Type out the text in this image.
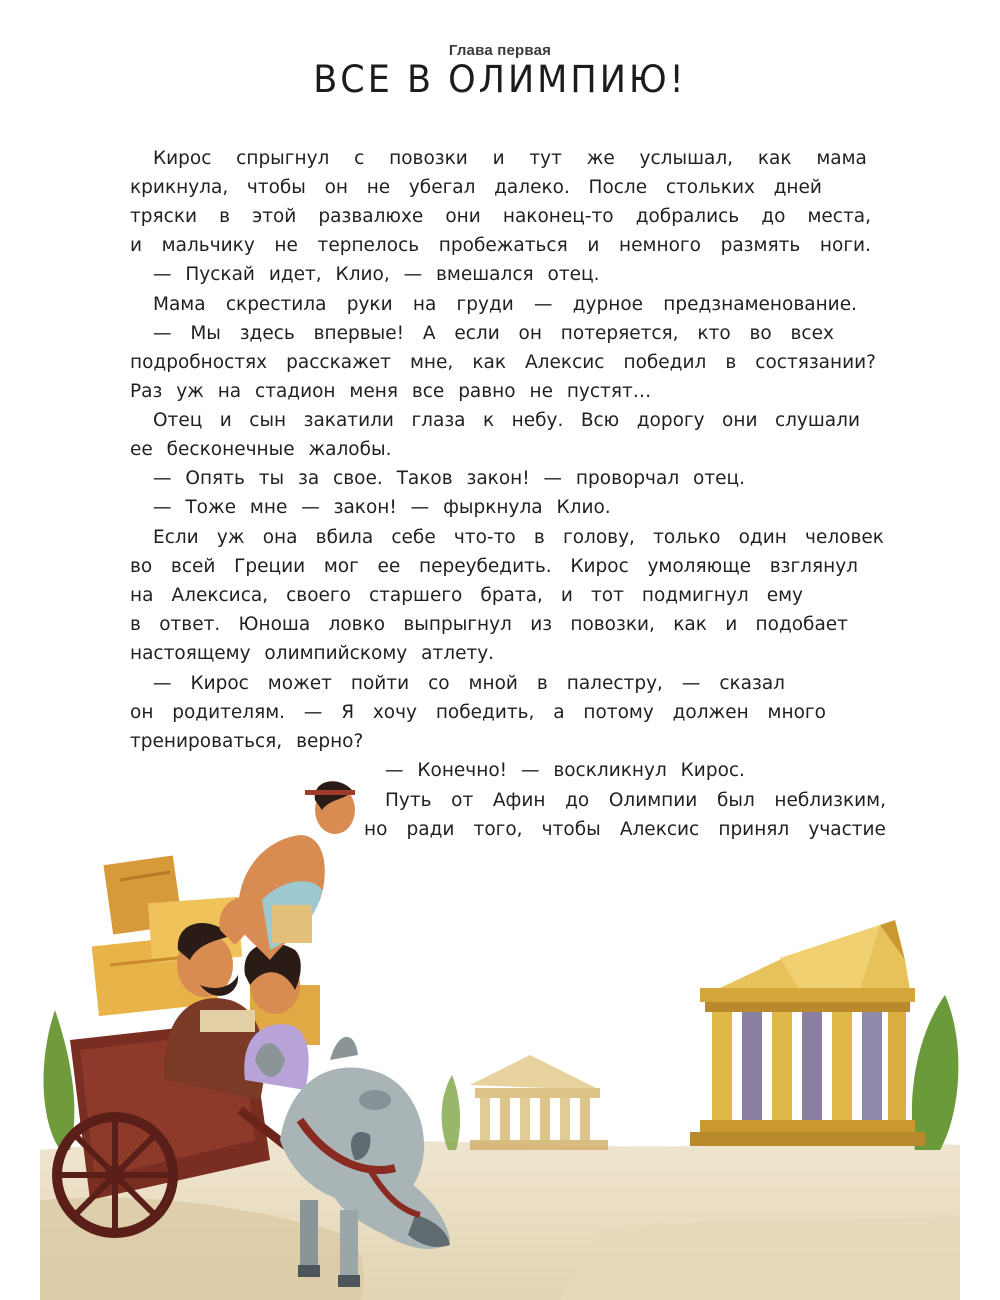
Глава первая
ВСЕ В ОЛИМПИЮ!
Кирос спрыгнул с повозки и тут же услышал, как мама
крикнула, чтобы он не убегал далеко. После стольких дней
тряски в этой развалюхе они наконец-то добрались до места,
и мальчику не терпелось пробежаться и немного размять ноги.
— Пускай идет, Клио, — вмешался отец.
Мама скрестила руки на груди — дурное предзнаменование.
— Мы здесь впервые! А если он потеряется, кто во всех
подробностях расскажет мне, как Алексис победил в состязании?
Раз уж на стадион меня все равно не пустят…
Отец и сын закатили глаза к небу. Всю дорогу они слушали
ее бесконечные жалобы.
— Опять ты за свое. Таков закон! — проворчал отец.
— Тоже мне — закон! — фыркнула Клио.
Если уж она вбила себе что-то в голову, только один человек
во всей Греции мог ее переубедить. Кирос умоляюще взглянул
на Алексиса, своего старшего брата, и тот подмигнул ему
в ответ. Юноша ловко выпрыгнул из повозки, как и подобает
настоящему олимпийскому атлету.
— Кирос может пойти со мной в палестру, — сказал
он родителям. — Я хочу победить, а потому должен много
тренироваться, верно?
— Конечно! — воскликнул Кирос.
Путь от Афин до Олимпии был неблизким,
но ради того, чтобы Алексис принял участие
